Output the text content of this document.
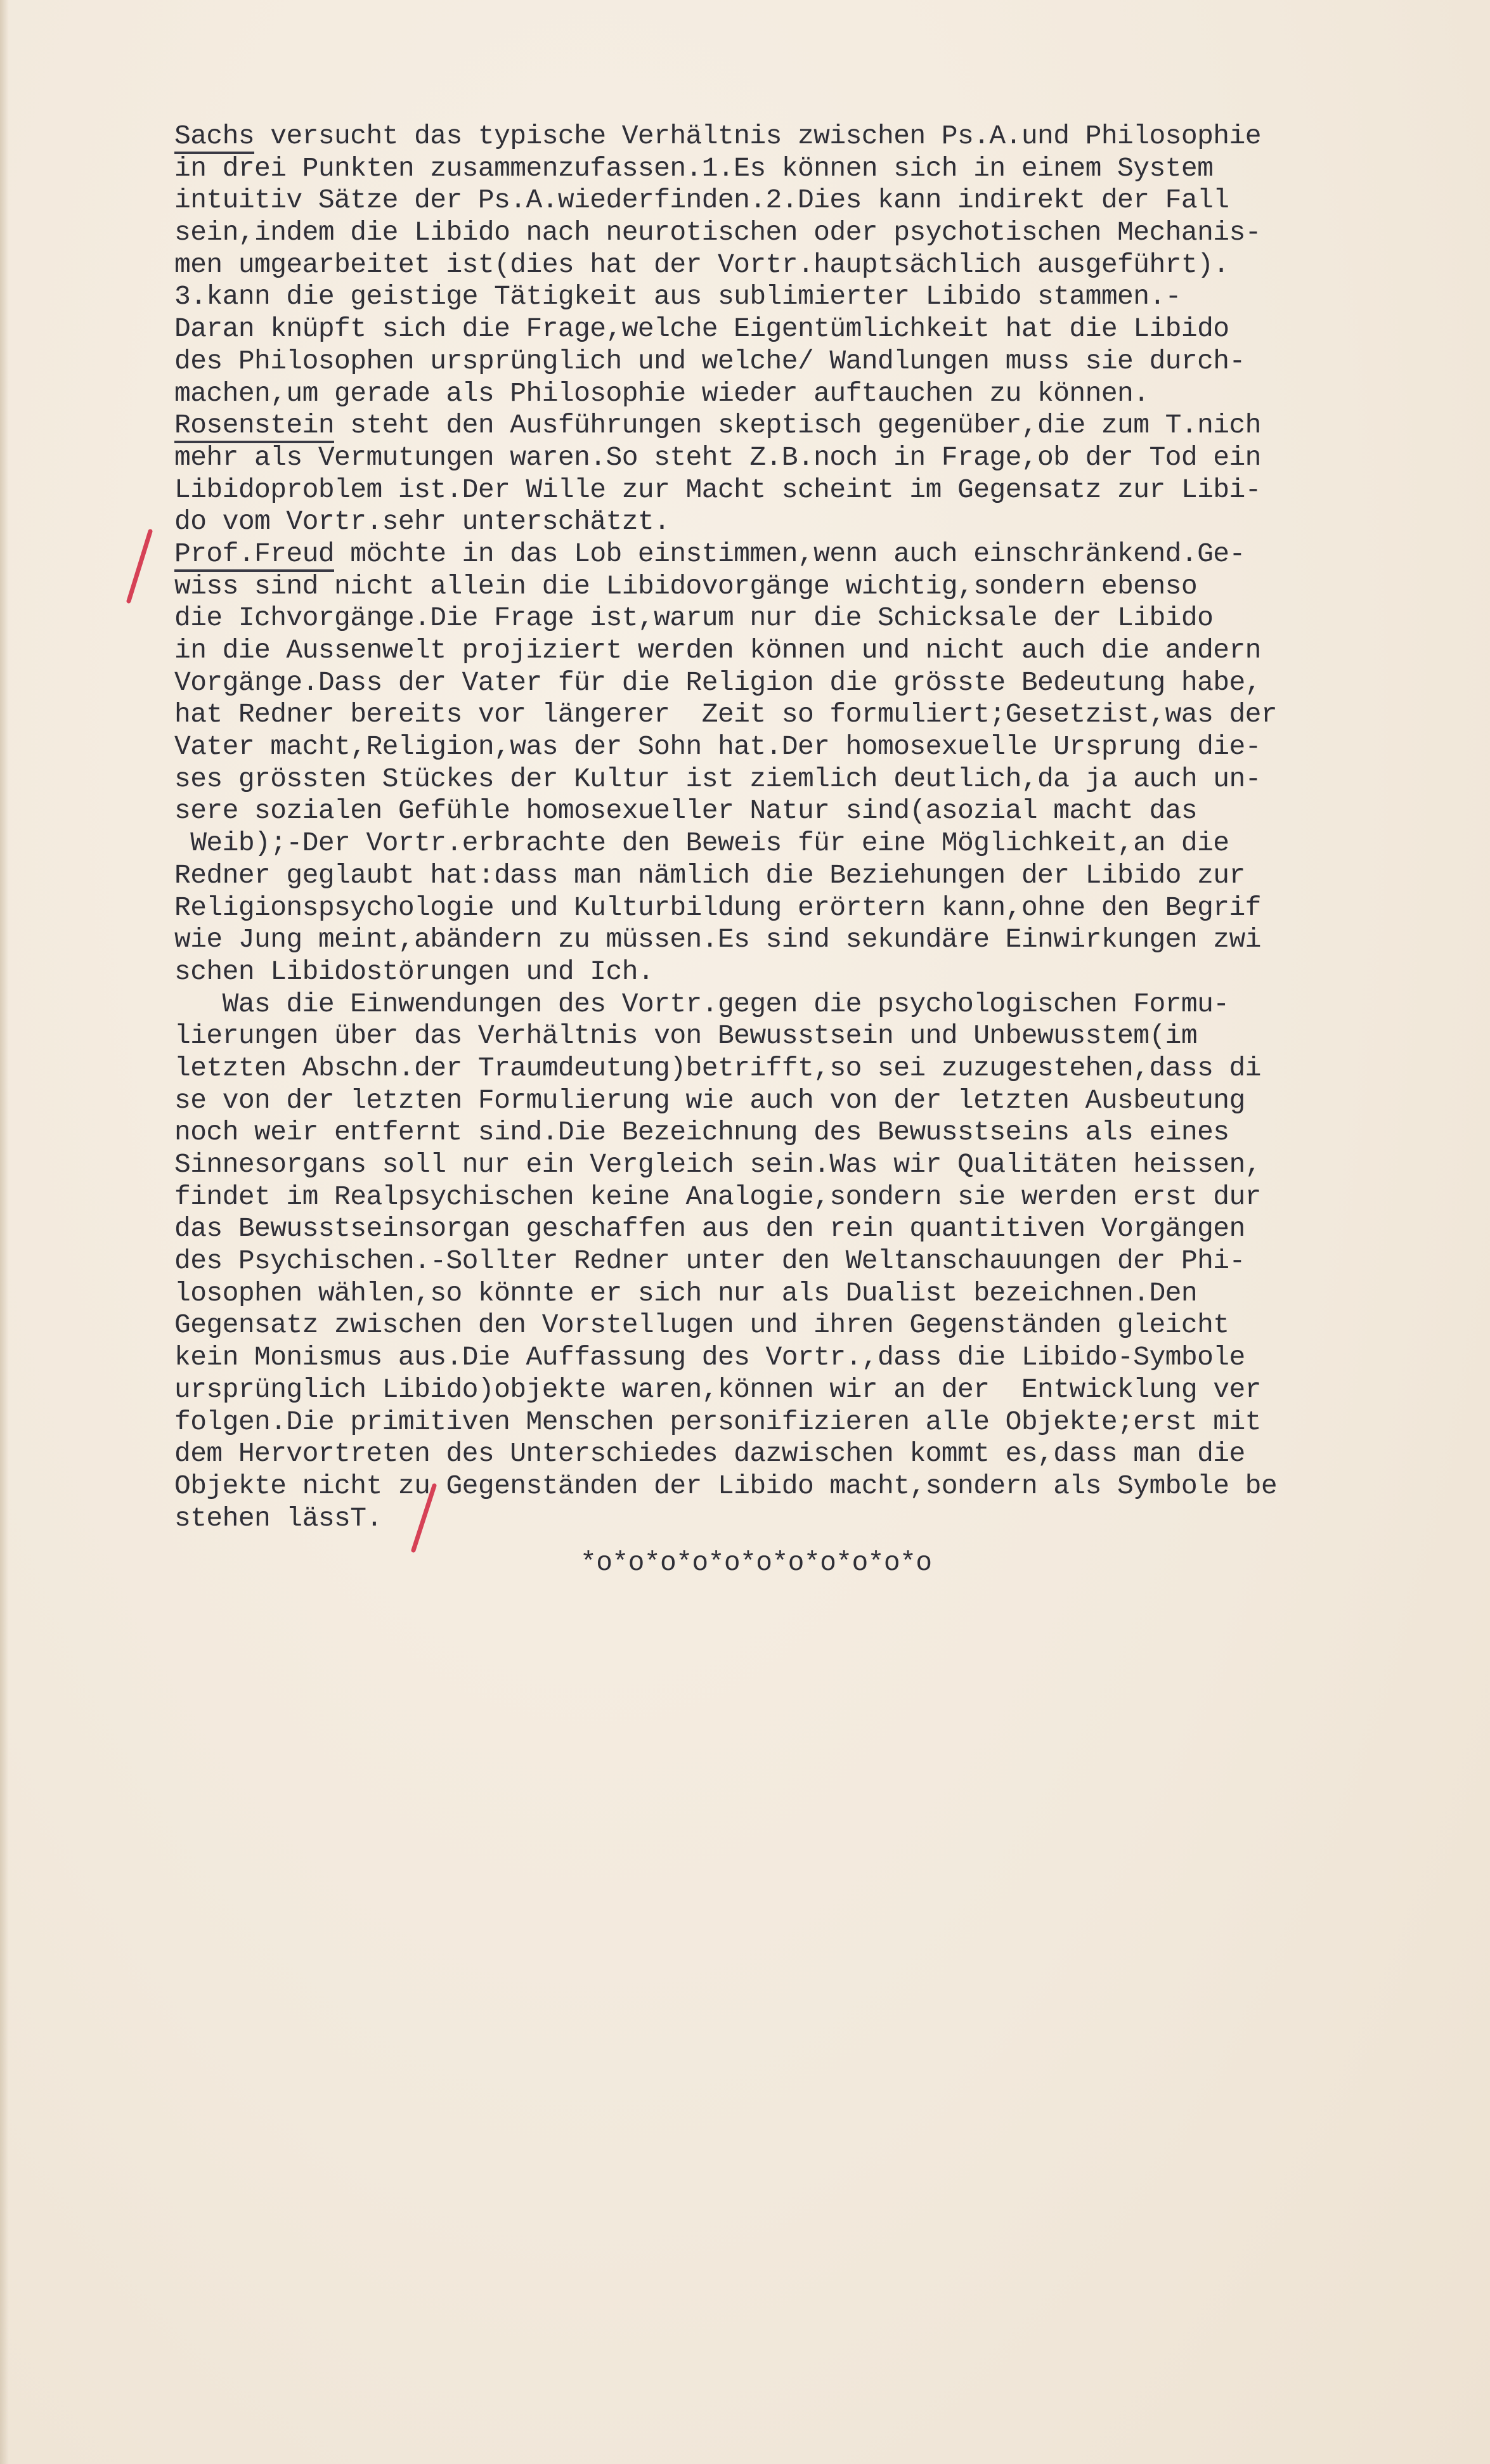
Sachs versucht das typische Verhältnis zwischen Ps.A.und Philosophie
in drei Punkten zusammenzufassen.1.Es können sich in einem System
intuitiv Sätze der Ps.A.wiederfinden.2.Dies kann indirekt der Fall
sein,indem die Libido nach neurotischen oder psychotischen Mechanis-
men umgearbeitet ist(dies hat der Vortr.hauptsächlich ausgeführt).
3.kann die geistige Tätigkeit aus sublimierter Libido stammen.-
Daran knüpft sich die Frage,welche Eigentümlichkeit hat die Libido
des Philosophen ursprünglich und welche/ Wandlungen muss sie durch-
machen,um gerade als Philosophie wieder auftauchen zu können.
Rosenstein steht den Ausführungen skeptisch gegenüber,die zum T.nich
mehr als Vermutungen waren.So steht Z.B.noch in Frage,ob der Tod ein
Libidoproblem ist.Der Wille zur Macht scheint im Gegensatz zur Libi-
do vom Vortr.sehr unterschätzt.
Prof.Freud möchte in das Lob einstimmen,wenn auch einschränkend.Ge-
wiss sind nicht allein die Libidovorgänge wichtig,sondern ebenso
die Ichvorgänge.Die Frage ist,warum nur die Schicksale der Libido
in die Aussenwelt projiziert werden können und nicht auch die andern
Vorgänge.Dass der Vater für die Religion die grösste Bedeutung habe,
hat Redner bereits vor längerer  Zeit so formuliert;Gesetzist,was der
Vater macht,Religion,was der Sohn hat.Der homosexuelle Ursprung die-
ses grössten Stückes der Kultur ist ziemlich deutlich,da ja auch un-
sere sozialen Gefühle homosexueller Natur sind(asozial macht das
Weib);-Der Vortr.erbrachte den Beweis für eine Möglichkeit,an die
Redner geglaubt hat:dass man nämlich die Beziehungen der Libido zur
Religionspsychologie und Kulturbildung erörtern kann,ohne den Begrif
wie Jung meint,abändern zu müssen.Es sind sekundäre Einwirkungen zwi
schen Libidostörungen und Ich.
Was die Einwendungen des Vortr.gegen die psychologischen Formu-
lierungen über das Verhältnis von Bewusstsein und Unbewusstem(im
letzten Abschn.der Traumdeutung)betrifft,so sei zuzugestehen,dass di
se von der letzten Formulierung wie auch von der letzten Ausbeutung
noch weir entfernt sind.Die Bezeichnung des Bewusstseins als eines
Sinnesorgans soll nur ein Vergleich sein.Was wir Qualitäten heissen,
findet im Realpsychischen keine Analogie,sondern sie werden erst dur
das Bewusstseinsorgan geschaffen aus den rein quantitiven Vorgängen
des Psychischen.-Sollter Redner unter den Weltanschauungen der Phi-
losophen wählen,so könnte er sich nur als Dualist bezeichnen.Den
Gegensatz zwischen den Vorstellugen und ihren Gegenständen gleicht
kein Monismus aus.Die Auffassung des Vortr.,dass die Libido-Symbole
ursprünglich Libido)objekte waren,können wir an der  Entwicklung ver
folgen.Die primitiven Menschen personifizieren alle Objekte;erst mit
dem Hervortreten des Unterschiedes dazwischen kommt es,dass man die
Objekte nicht zu Gegenständen der Libido macht,sondern als Symbole be
stehen lässT.
*o*o*o*o*o*o*o*o*o*o*o
